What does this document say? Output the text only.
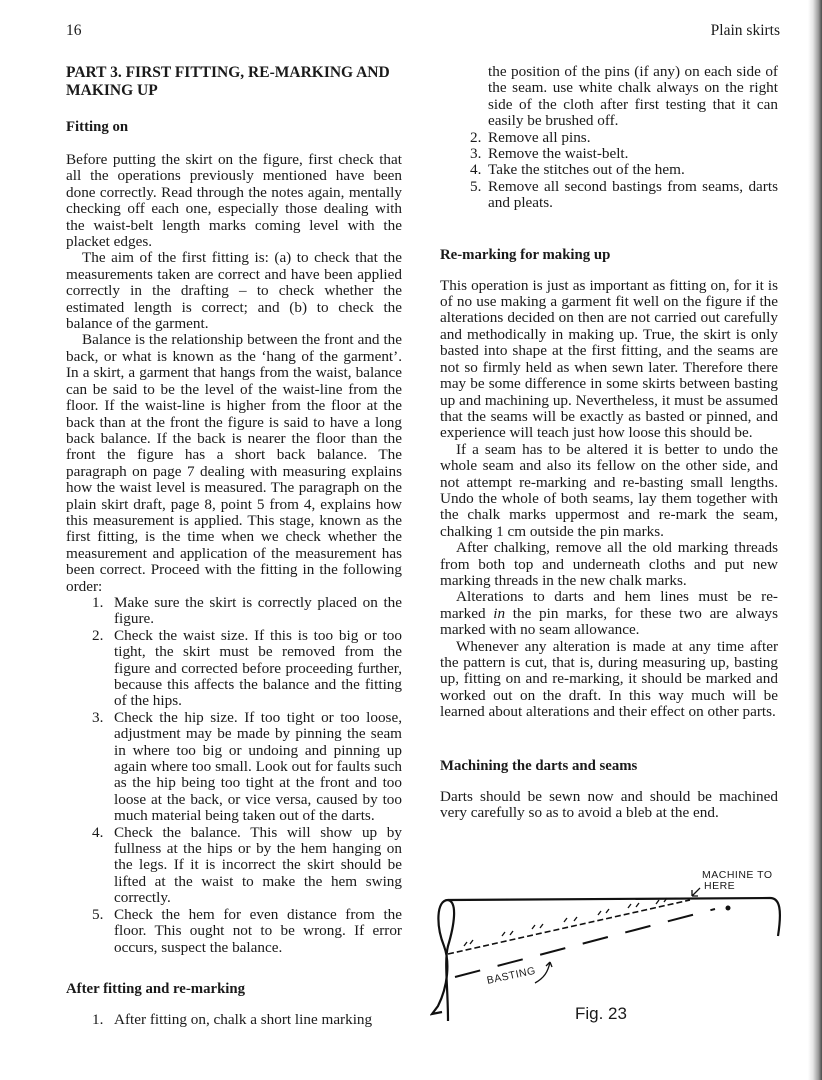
16	Plain skirts
PART 3. FIRST FITTING, RE-MARKING AND MAKING UP
Fitting on

Before putting the skirt on the figure, first check that all the operations previously mentioned have been done correctly. Read through the notes again, mentally checking off each one, especially those dealing with the waist-belt length marks coming level with the placket edges.

The aim of the first fitting is: (a) to check that the measurements taken are correct and have been applied correctly in the drafting – to check whether the estimated length is correct; and (b) to check the balance of the garment.

Balance is the relationship between the front and the back, or what is known as the ‘hang of the garment’. In a skirt, a garment that hangs from the waist, balance can be said to be the level of the waist-line from the floor. If the waist-line is higher from the floor at the back than at the front the figure is said to have a long back balance. If the back is nearer the floor than the front the figure has a short back balance. The paragraph on page 7 dealing with measuring explains how the waist level is measured. The paragraph on the plain skirt draft, page 8, point 5 from 4, explains how this measurement is applied. This stage, known as the first fitting, is the time when we check whether the measurement and application of the measurement has been correct. Proceed with the fitting in the following order:

1. Make sure the skirt is correctly placed on the figure.
2. Check the waist size. If this is too big or too tight, the skirt must be removed from the figure and corrected before proceeding further, because this affects the balance and the fitting of the hips.
3. Check the hip size. If too tight or too loose, adjustment may be made by pinning the seam in where too big or undoing and pinning up again where too small. Look out for faults such as the hip being too tight at the front and too loose at the back, or vice versa, caused by too much material being taken out of the darts.
4. Check the balance. This will show up by fullness at the hips or by the hem hanging on the legs. If it is incorrect the skirt should be lifted at the waist to make the hem swing correctly.
5. Check the hem for even distance from the floor. This ought not to be wrong. If error occurs, suspect the balance.
After fitting and re-marking
1. After fitting on, chalk a short line marking

the position of the pins (if any) on each side of the seam. use white chalk always on the right side of the cloth after first testing that it can easily be brushed off.

2. Remove all pins.
3. Remove the waist-belt.
4. Take the stitches out of the hem.
5. Remove all second bastings from seams, darts and pleats.
Re-marking for making up

This operation is just as important as fitting on, for it is of no use making a garment fit well on the figure if the alterations decided on then are not carried out carefully and methodically in making up. True, the skirt is only basted into shape at the first fitting, and the seams are not so firmly held as when sewn later. Therefore there may be some difference in some skirts between basting up and machining up. Nevertheless, it must be assumed that the seams will be exactly as basted or pinned, and experience will teach just how loose this should be.

If a seam has to be altered it is better to undo the whole seam and also its fellow on the other side, and not attempt re-marking and re-basting small lengths. Undo the whole of both seams, lay them together with the chalk marks uppermost and re-mark the seam, chalking 1 cm outside the pin marks.

After chalking, remove all the old marking threads from both top and underneath cloths and put new marking threads in the new chalk marks.

Alterations to darts and hem lines must be re-marked in the pin marks, for these two are always marked with no seam allowance.

Whenever any alteration is made at any time after the pattern is cut, that is, during measuring up, basting up, fitting on and re-marking, it should be marked and worked out on the draft. In this way much will be learned about alterations and their effect on other parts.

Machining the darts and seams

Darts should be sewn now and should be machined very carefully so as to avoid a bleb at the end.

MACHINE TO
HERE
BASTING
Fig. 23
